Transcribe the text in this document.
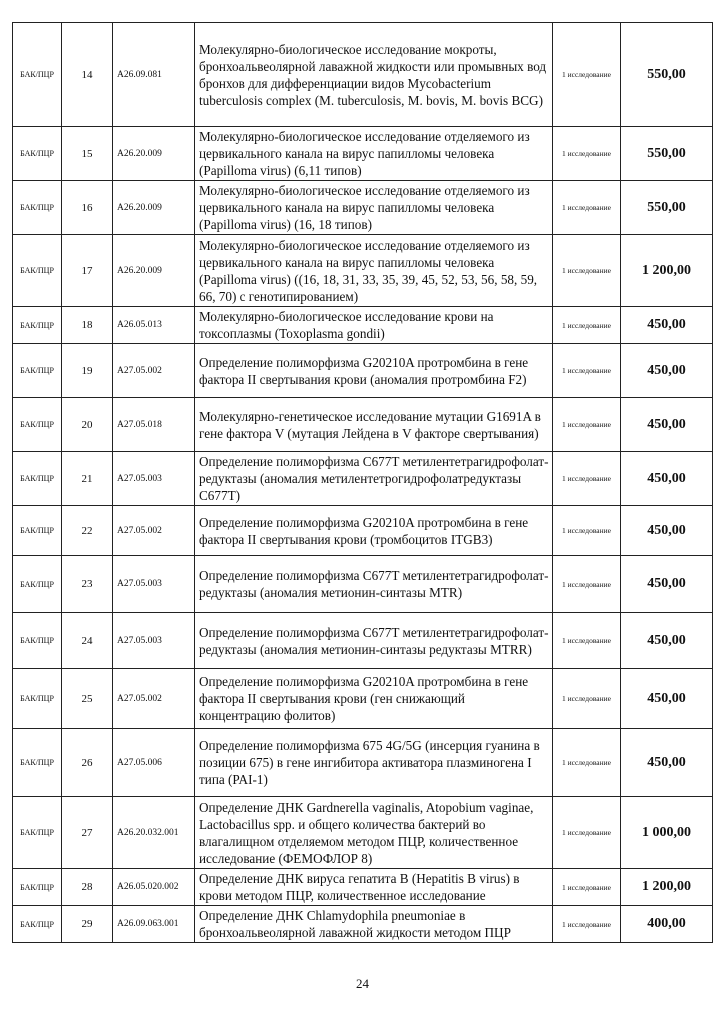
БАК/ПЦР	14	A26.09.081	Молекулярно-биологическое исследование мокроты, бронхоальвеолярной лаважной жидкости или промывных вод бронхов для дифференциации видов Mycobacterium tuberculosis complex (M. tuberculosis, M. bovis, M. bovis BCG)	1 исследование	550,00
БАК/ПЦР	15	A26.20.009	Молекулярно-биологическое исследование отделяемого из цервикального канала на вирус папилломы человека (Papilloma virus) (6,11 типов)	1 исследование	550,00
БАК/ПЦР	16	A26.20.009	Молекулярно-биологическое исследование отделяемого из цервикального канала на вирус папилломы человека (Papilloma virus) (16, 18 типов)	1 исследование	550,00
БАК/ПЦР	17	A26.20.009	Молекулярно-биологическое исследование отделяемого из цервикального канала на вирус папилломы человека (Papilloma virus) ((16, 18, 31, 33, 35, 39, 45, 52, 53, 56, 58, 59, 66, 70) с генотипированием)	1 исследование	1 200,00
БАК/ПЦР	18	A26.05.013	Молекулярно-биологическое исследование крови на токсоплазмы (Toxoplasma gondii)	1 исследование	450,00
БАК/ПЦР	19	A27.05.002	Определение полиморфизма G20210A протромбина в гене фактора II свертывания крови (аномалия протромбина F2)	1 исследование	450,00
БАК/ПЦР	20	A27.05.018	Молекулярно-генетическое исследование мутации G1691A в гене фактора V (мутация Лейдена в V факторе свертывания)	1 исследование	450,00
БАК/ПЦР	21	A27.05.003	Определение полиморфизма C677T метилентетрагидрофолат-редуктазы (аномалия метилентетрогидрофолатредуктазы C677T)	1 исследование	450,00
БАК/ПЦР	22	A27.05.002	Определение полиморфизма G20210A протромбина в гене фактора II свертывания крови (тромбоцитов ITGB3)	1 исследование	450,00
БАК/ПЦР	23	A27.05.003	Определение полиморфизма C677T метилентетрагидрофолат-редуктазы (аномалия метионин-синтазы MTR)	1 исследование	450,00
БАК/ПЦР	24	A27.05.003	Определение полиморфизма C677T метилентетрагидрофолат-редуктазы (аномалия метионин-синтазы редуктазы MTRR)	1 исследование	450,00
БАК/ПЦР	25	A27.05.002	Определение полиморфизма G20210A протромбина в гене фактора II свертывания крови (ген снижающий концентрацию фолитов)	1 исследование	450,00
БАК/ПЦР	26	A27.05.006	Определение полиморфизма 675 4G/5G (инсерция гуанина в позиции 675) в гене ингибитора активатора плазминогена I типа (PAI-1)	1 исследование	450,00
БАК/ПЦР	27	A26.20.032.001	Определение ДНК Gardnerella vaginalis, Atopobium vaginae, Lactobacillus spp. и общего количества бактерий во влагалищном отделяемом методом ПЦР, количественное исследование (ФЕМОФЛОР 8)	1 исследование	1 000,00
БАК/ПЦР	28	A26.05.020.002	Определение ДНК вируса гепатита B (Hepatitis B virus) в крови методом ПЦР, количественное исследование	1 исследование	1 200,00
БАК/ПЦР	29	A26.09.063.001	Определение ДНК Chlamydophila pneumoniae в бронхоальвеолярной лаважной жидкости методом ПЦР	1 исследование	400,00
24
